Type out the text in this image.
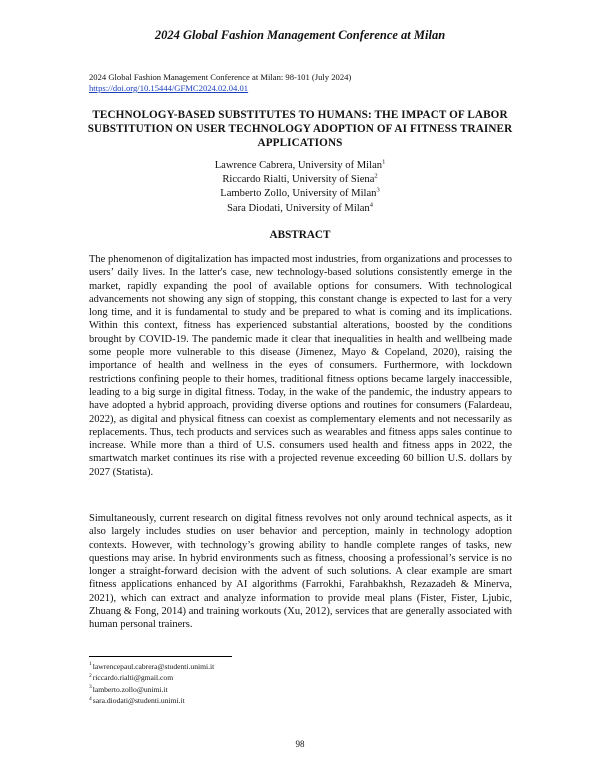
2024 Global Fashion Management Conference at Milan
2024 Global Fashion Management Conference at Milan: 98-101 (July 2024)
https://doi.org/10.15444/GFMC2024.02.04.01
TECHNOLOGY-BASED SUBSTITUTES TO HUMANS: THE IMPACT OF LABOR SUBSTITUTION ON USER TECHNOLOGY ADOPTION OF AI FITNESS TRAINER APPLICATIONS
Lawrence Cabrera, University of Milan$^1$
Riccardo Rialti, University of Siena$^2$
Lamberto Zollo, University of Milan$^3$
Sara Diodati, University of Milan$^4$
ABSTRACT

The phenomenon of digitalization has impacted most industries, from organizations and processes to users’ daily lives. In the latter's case, new technology-based solutions consistently emerge in the market, rapidly expanding the pool of available options for consumers. With technological advancements not showing any sign of stopping, this constant change is expected to last for a very long time, and it is fundamental to study and be prepared to what is coming and its implications. Within this context, fitness has experienced substantial alterations, boosted by the conditions brought by COVID-19. The pandemic made it clear that inequalities in health and wellbeing made some people more vulnerable to this disease (Jimenez, Mayo & Copeland, 2020), raising the importance of health and wellness in the eyes of consumers. Furthermore, with lockdown restrictions confining people to their homes, traditional fitness options became largely inaccessible, leading to a big surge in digital fitness. Today, in the wake of the pandemic, the industry appears to have adopted a hybrid approach, providing diverse options and routines for consumers (Falardeau, 2022), as digital and physical fitness can coexist as complementary elements and not necessarily as replacements. Thus, tech products and services such as wearables and fitness apps sales continue to increase. While more than a third of U.S. consumers used health and fitness apps in 2022, the smartwatch market continues its rise with a projected revenue exceeding 60 billion U.S. dollars by 2027 (Statista).

Simultaneously, current research on digital fitness revolves not only around technical aspects, as it also largely includes studies on user behavior and perception, mainly in technology adoption contexts. However, with technology’s growing ability to handle complete ranges of tasks, new questions may arise. In hybrid environments such as fitness, choosing a professional’s service is no longer a straight-forward decision with the advent of such solutions. A clear example are smart fitness applications enhanced by AI algorithms (Farrokhi, Farahbakhsh, Rezazadeh & Minerva, 2021), which can extract and analyze information to provide meal plans (Fister, Fister, Ljubic, Zhuang & Fong, 2014) and training workouts (Xu, 2012), services that are generally associated with human personal trainers.

$^1$lawrencepaul.cabrera@studenti.unimi.it
$^2$riccardo.rialti@gmail.com
$^3$lamberto.zollo@unimi.it
$^4$sara.diodati@studenti.unimi.it
98
